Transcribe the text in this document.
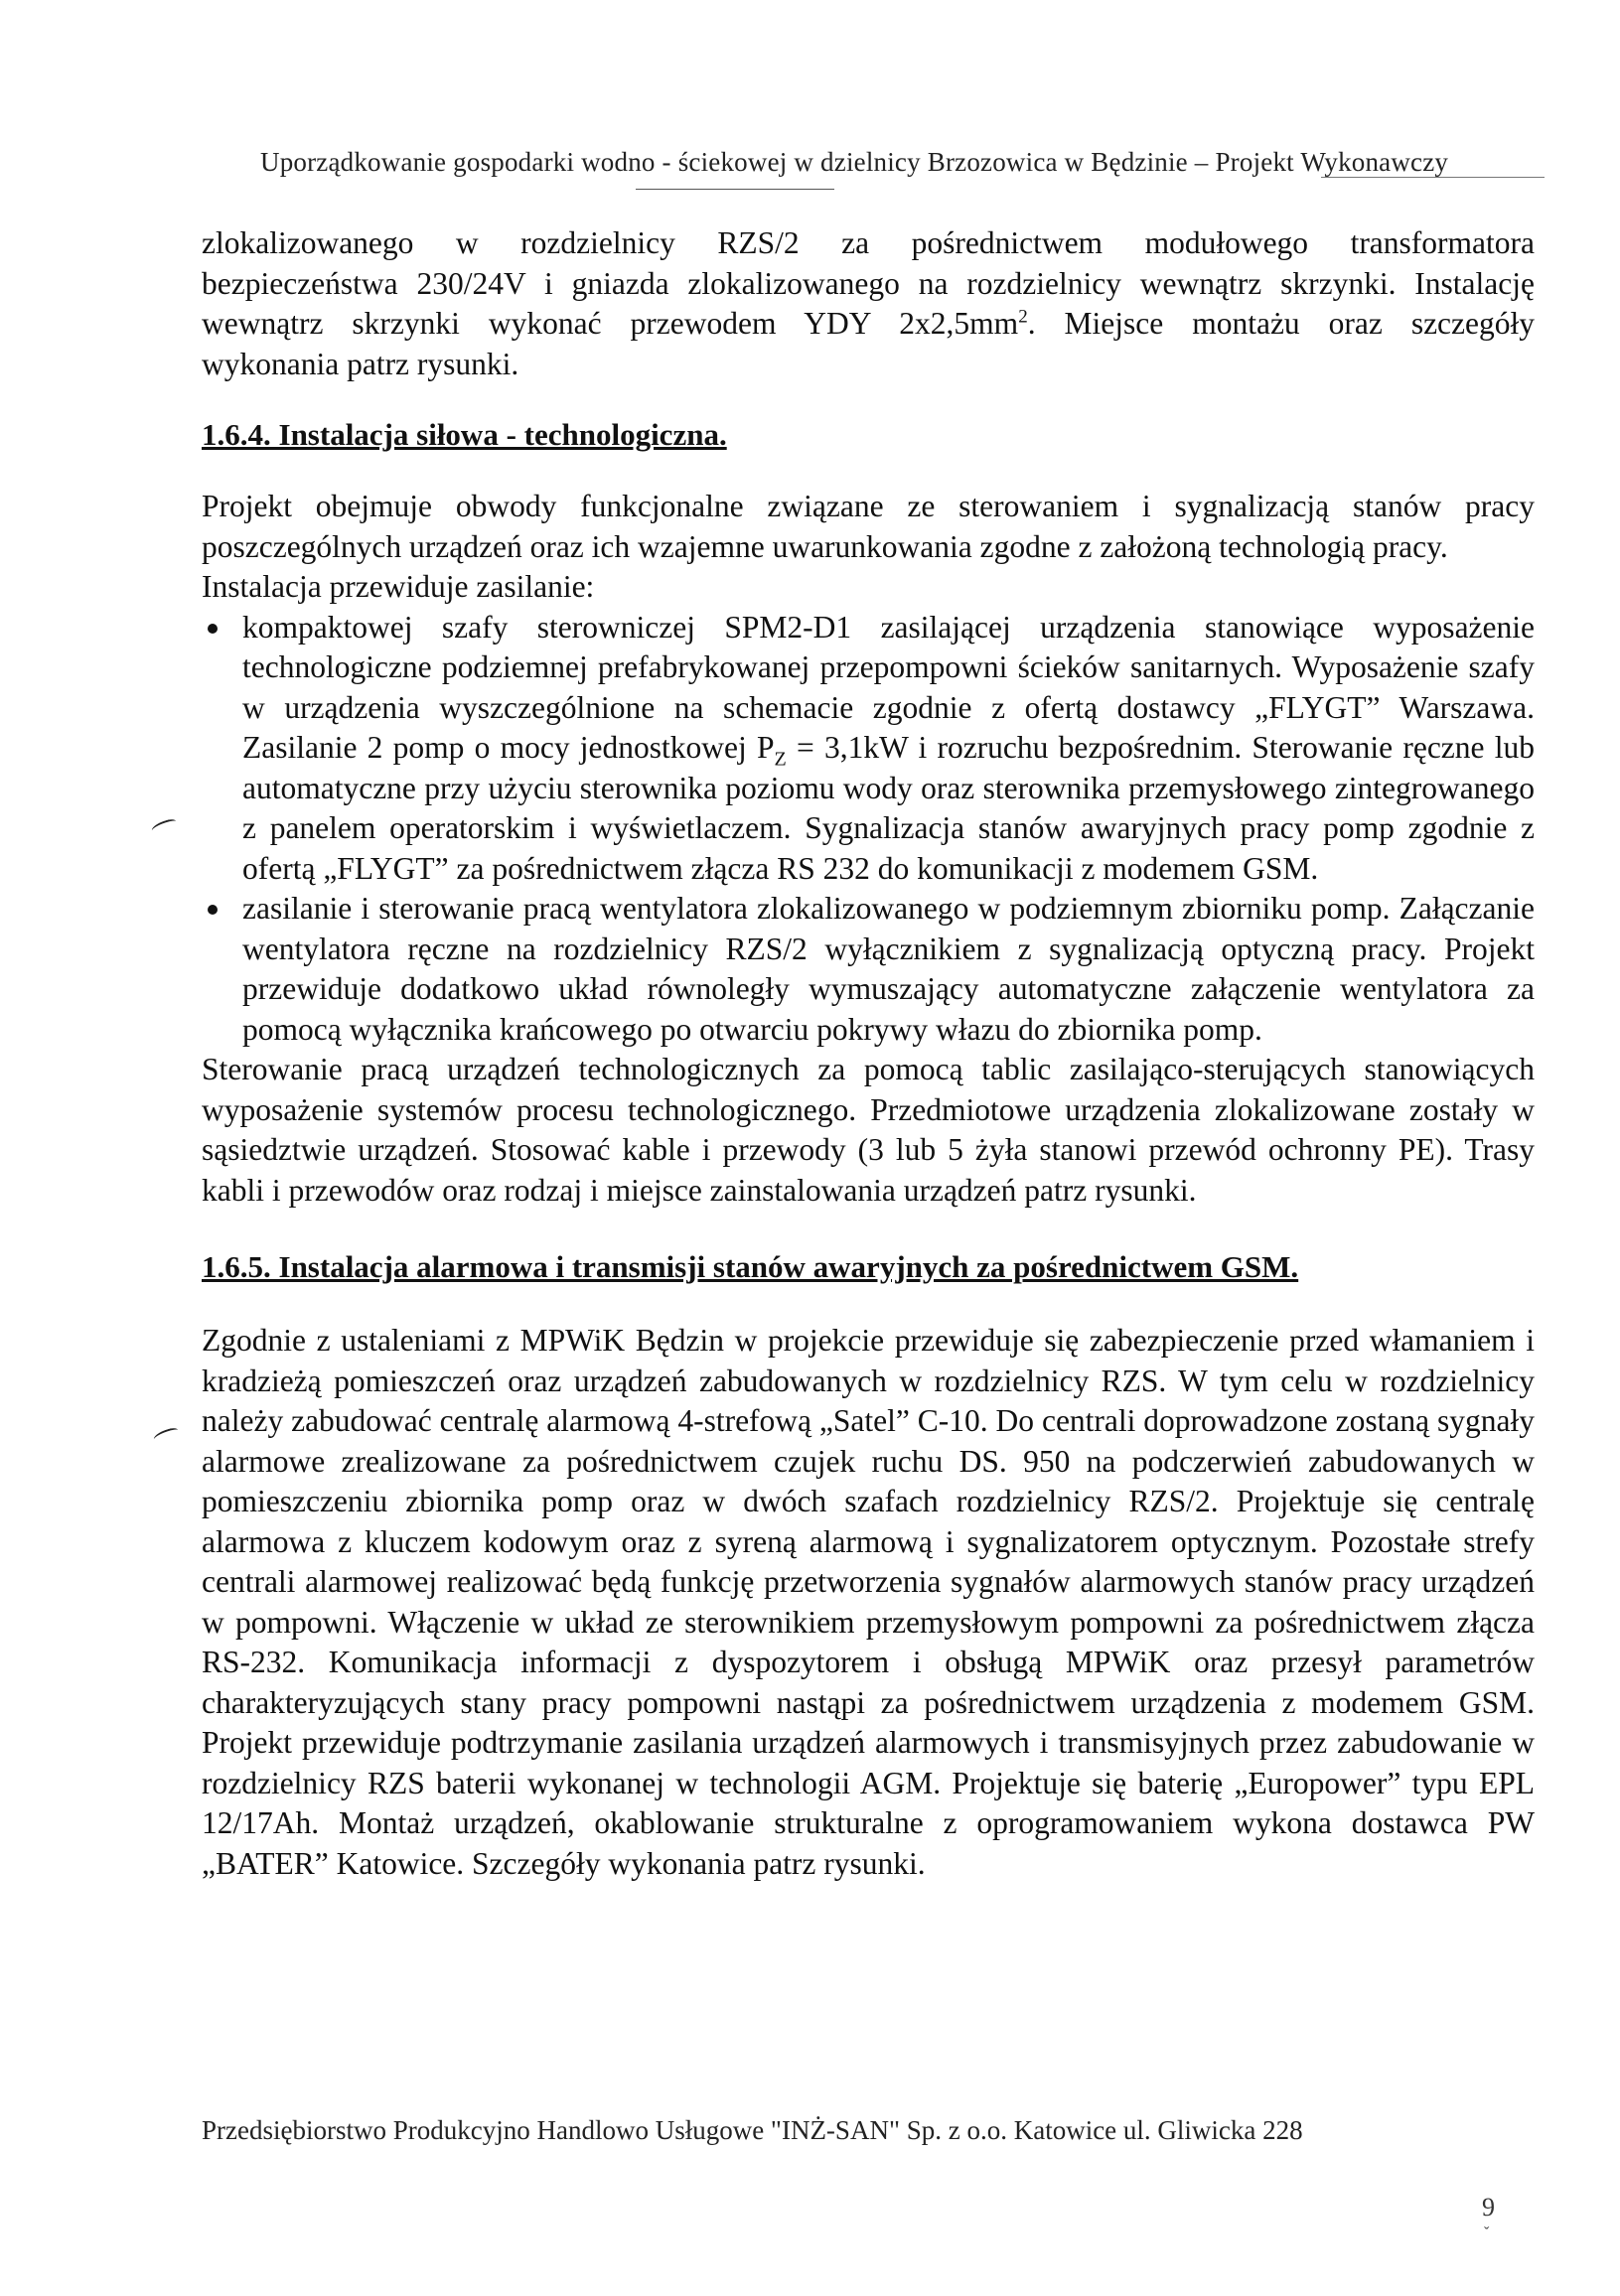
Uporządkowanie gospodarki wodno - ściekowej w dzielnicy Brzozowica w Będzinie – Projekt Wykonawczy

zlokalizowanego w rozdzielnicy RZS/2 za pośrednictwem modułowego transformatora

bezpieczeństwa 230/24V i gniazda zlokalizowanego na rozdzielnicy wewnątrz skrzynki. Instalację

wewnątrz skrzynki wykonać przewodem YDY $2x2,5mm^2$. Miejsce montażu oraz szczegóły

wykonania patrz rysunki.

1.6.4. Instalacja siłowa - technologiczna.

Projekt obejmuje obwody funkcjonalne związane ze sterowaniem i sygnalizacją stanów pracy poszczególnych urządzeń oraz ich wzajemne uwarunkowania zgodne z założoną technologią pracy.

Instalacja przewiduje zasilanie:

kompaktowej szafy sterowniczej SPM2-D1 zasilającej urządzenia stanowiące wyposażenie technologiczne podziemnej prefabrykowanej przepompowni ścieków sanitarnych. Wyposażenie szafy w urządzenia wyszczególnione na schemacie zgodnie z ofertą dostawcy „FLYGT” Warszawa. Zasilanie 2 pomp o mocy jednostkowej $P_Z = 3,1kW$ i rozruchu bezpośrednim. Sterowanie ręczne lub automatyczne przy użyciu sterownika poziomu wody oraz sterownika przemysłowego zintegrowanego z panelem operatorskim i wyświetlaczem. Sygnalizacja stanów awaryjnych pracy pomp zgodnie z ofertą „FLYGT” za pośrednictwem złącza RS 232 do komunikacji z modemem GSM.
zasilanie i sterowanie pracą wentylatora zlokalizowanego w podziemnym zbiorniku pomp. Załączanie wentylatora ręczne na rozdzielnicy RZS/2 wyłącznikiem z sygnalizacją optyczną pracy. Projekt przewiduje dodatkowo układ równoległy wymuszający automatyczne załączenie wentylatora za pomocą wyłącznika krańcowego po otwarciu pokrywy włazu do zbiornika pomp.

Sterowanie pracą urządzeń technologicznych za pomocą tablic zasilająco-sterujących stanowiących wyposażenie systemów procesu technologicznego. Przedmiotowe urządzenia zlokalizowane zostały w sąsiedztwie urządzeń. Stosować kable i przewody (3 lub 5 żyła stanowi przewód ochronny PE). Trasy kabli i przewodów oraz rodzaj i miejsce zainstalowania urządzeń patrz rysunki.

1.6.5. Instalacja alarmowa i transmisji stanów awaryjnych za pośrednictwem GSM.

Zgodnie z ustaleniami z MPWiK Będzin w projekcie przewiduje się zabezpieczenie przed włamaniem i kradzieżą pomieszczeń oraz urządzeń zabudowanych w rozdzielnicy RZS. W tym celu w rozdzielnicy należy zabudować centralę alarmową 4-strefową „Satel” C-10. Do centrali doprowadzone zostaną sygnały alarmowe zrealizowane za pośrednictwem czujek ruchu DS. 950 na podczerwień zabudowanych w pomieszczeniu zbiornika pomp oraz w dwóch szafach rozdzielnicy RZS/2. Projektuje się centralę alarmowa z kluczem kodowym oraz z syreną alarmową i sygnalizatorem optycznym. Pozostałe strefy centrali alarmowej realizować będą funkcję przetworzenia sygnałów alarmowych stanów pracy urządzeń w pompowni. Włączenie w układ ze sterownikiem przemysłowym pompowni za pośrednictwem złącza RS-232. Komunikacja informacji z dyspozytorem i obsługą MPWiK oraz przesył parametrów charakteryzujących stany pracy pompowni nastąpi za pośrednictwem urządzenia z modemem GSM. Projekt przewiduje podtrzymanie zasilania urządzeń alarmowych i transmisyjnych przez zabudowanie w rozdzielnicy RZS baterii wykonanej w technologii AGM. Projektuje się baterię „Europower” typu EPL 12/17Ah. Montaż urządzeń, okablowanie strukturalne z oprogramowaniem wykona dostawca PW „BATER” Katowice. Szczegóły wykonania patrz rysunki.

Przedsiębiorstwo Produkcyjno Handlowo Usługowe "INŻ-SAN" Sp. z o.o. Katowice ul. Gliwicka 228
9
ˇ
